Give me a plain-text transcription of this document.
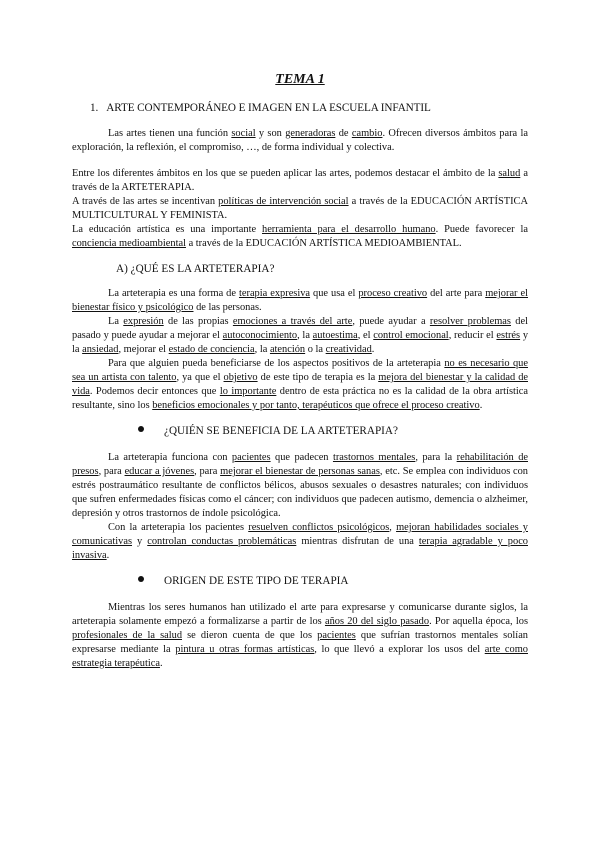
TEMA 1
1. ARTE CONTEMPORÁNEO E IMAGEN EN LA ESCUELA INFANTIL

Las artes tienen una función social y son generadoras de cambio. Ofrecen diversos ámbitos para la exploración, la reflexión, el compromiso, …, de forma individual y colectiva.

Entre los diferentes ámbitos en los que se pueden aplicar las artes, podemos destacar el ámbito de la salud a través de la ARTETERAPIA.

A través de las artes se incentivan políticas de intervención social a través de la EDUCACIÓN ARTÍSTICA MULTICULTURAL Y FEMINISTA.

La educación artística es una importante herramienta para el desarrollo humano. Puede favorecer la conciencia medioambiental a través de la EDUCACIÓN ARTÍSTICA MEDIOAMBIENTAL.

A) ¿QUÉ ES LA ARTETERAPIA?

La arteterapia es una forma de terapia expresiva que usa el proceso creativo del arte para mejorar el bienestar físico y psicológico de las personas.

La expresión de las propias emociones a través del arte, puede ayudar a resolver problemas del pasado y puede ayudar a mejorar el autoconocimiento, la autoestima, el control emocional, reducir el estrés y la ansiedad, mejorar el estado de conciencia, la atención o la creatividad.

Para que alguien pueda beneficiarse de los aspectos positivos de la arteterapia no es necesario que sea un artista con talento, ya que el objetivo de este tipo de terapia es la mejora del bienestar y la calidad de vida. Podemos decir entonces que lo importante dentro de esta práctica no es la calidad de la obra artística resultante, sino los beneficios emocionales y por tanto, terapéuticos que ofrece el proceso creativo.

¿QUIÉN SE BENEFICIA DE LA ARTETERAPIA?

La arteterapia funciona con pacientes que padecen trastornos mentales, para la rehabilitación de presos, para educar a jóvenes, para mejorar el bienestar de personas sanas, etc. Se emplea con individuos con estrés postraumático resultante de conflictos bélicos, abusos sexuales o desastres naturales; con individuos que sufren enfermedades físicas como el cáncer; con individuos que padecen autismo, demencia o alzheimer, depresión y otros trastornos de índole psicológica.

Con la arteterapia los pacientes resuelven conflictos psicológicos, mejoran habilidades sociales y comunicativas y controlan conductas problemáticas mientras disfrutan de una terapia agradable y poco invasiva.

ORIGEN DE ESTE TIPO DE TERAPIA

Mientras los seres humanos han utilizado el arte para expresarse y comunicarse durante siglos, la arteterapia solamente empezó a formalizarse a partir de los años 20 del siglo pasado. Por aquella época, los profesionales de la salud se dieron cuenta de que los pacientes que sufrían trastornos mentales solían expresarse mediante la pintura u otras formas artísticas, lo que llevó a explorar los usos del arte como estrategia terapéutica.
